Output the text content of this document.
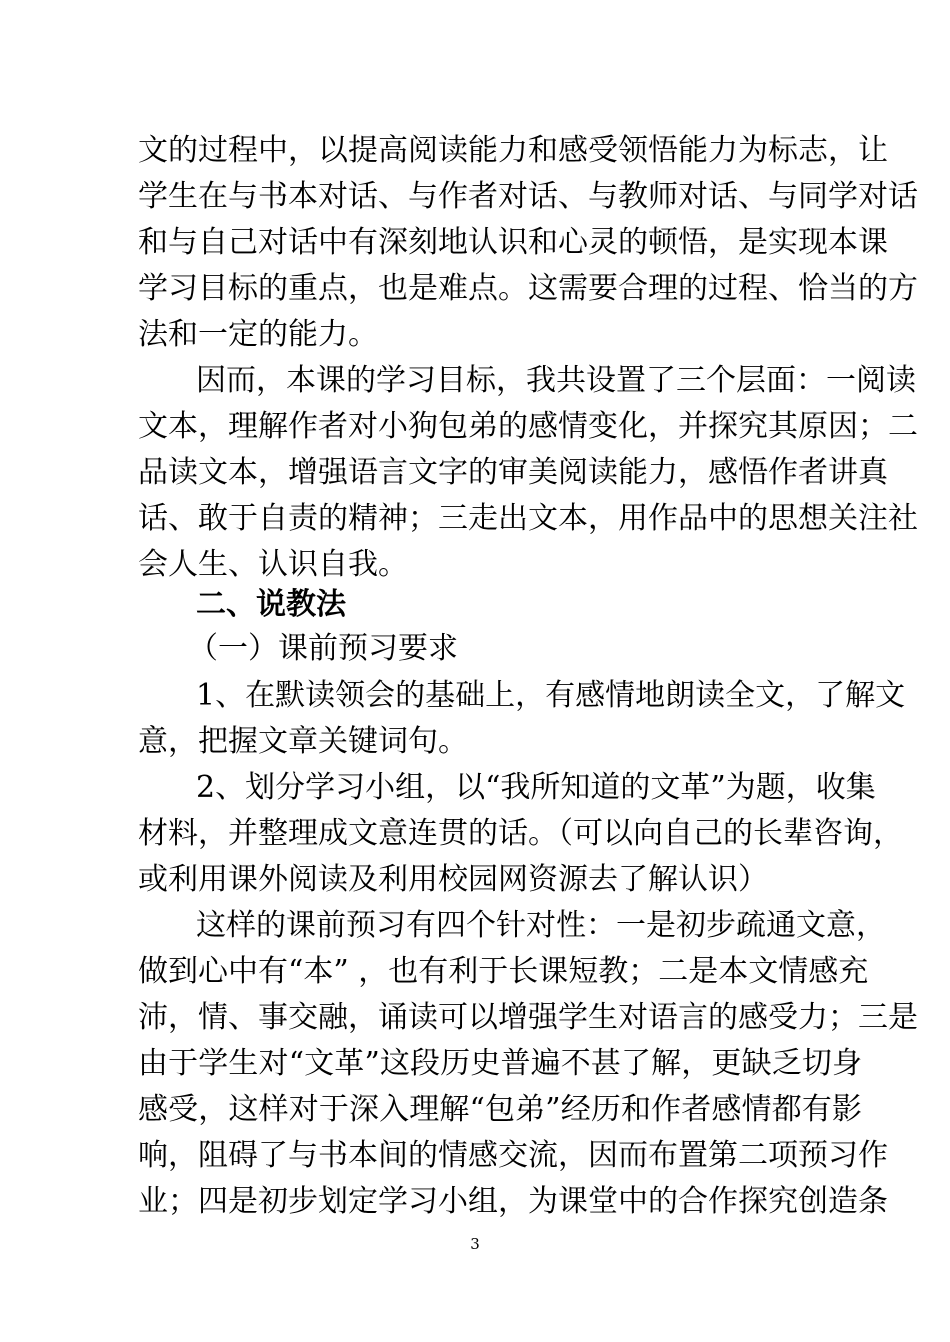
文的过程中，以提高阅读能力和感受领悟能力为标志，让
学生在与书本对话、与作者对话、与教师对话、与同学对话
和与自己对话中有深刻地认识和心灵的顿悟，是实现本课
学习目标的重点，也是难点。这需要合理的过程、恰当的方
法和一定的能力。
因而，本课的学习目标，我共设置了三个层面：一阅读
文本，理解作者对小狗包弟的感情变化，并探究其原因；二
品读文本，增强语言文字的审美阅读能力，感悟作者讲真
话、敢于自责的精神；三走出文本，用作品中的思想关注社
会人生、认识自我。
二、说教法
（一）课前预习要求
1、在默读领会的基础上，有感情地朗读全文，了解文
意，把握文章关键词句。
2、划分学习小组，以“我所知道的文革”为题，收集
材料，并整理成文意连贯的话。（可以向自己的长辈咨询，
或利用课外阅读及利用校园网资源去了解认识）
这样的课前预习有四个针对性：一是初步疏通文意，
做到心中有“本” ，也有利于长课短教；二是本文情感充
沛，情、事交融，诵读可以增强学生对语言的感受力；三是
由于学生对“文革”这段历史普遍不甚了解，更缺乏切身
感受，这样对于深入理解“包弟”经历和作者感情都有影
响，阻碍了与书本间的情感交流，因而布置第二项预习作
业；四是初步划定学习小组，为课堂中的合作探究创造条
3
